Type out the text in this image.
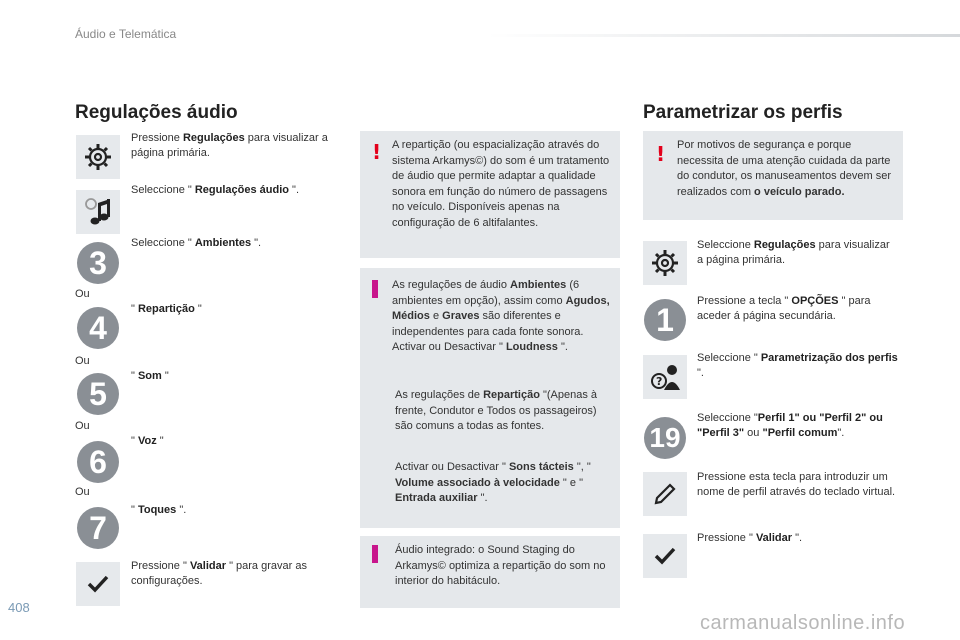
Áudio e Telemática
Regulações áudio
Pressione Regulações para visualizar a página primária.
Seleccione " Regulações áudio ".
3
Seleccione " Ambientes ".
Ou
4
" Repartição "
Ou
5	" Som "
Ou
6
" Voz "
Ou
7	" Toques ".
Pressione " Validar " para gravar as configurações.
! A repartição (ou espacialização através do sistema Arkamys©) do som é um tratamento de áudio que permite adaptar a qualidade sonora em função do número de passagens no veículo. Disponíveis apenas na configuração de 6 altifalantes.
As regulações de áudio Ambientes (6 ambientes em opção), assim como Agudos, Médios e Graves são diferentes e independentes para cada fonte sonora.
Activar ou Desactivar " Loudness ".
As regulações de Repartição "(Apenas à frente, Condutor e Todos os passageiros) são comuns a todas as fontes.
Activar ou Desactivar " Sons tácteis ", " Volume associado à velocidade " e " Entrada auxiliar ".
Áudio integrado: o Sound Staging do Arkamys© optimiza a repartição do som no interior do habitáculo.
Parametrizar os perfis
! Por motivos de segurança e porque necessita de uma atenção cuidada da parte do condutor, os manuseamentos devem ser realizados com o veículo parado.
Seleccione Regulações para visualizar a página primária.
1
Pressione a tecla " OPÇÕES " para aceder á página secundária.
?
Seleccione " Parametrização dos perfis ".
19
Seleccione "Perfil 1" ou "Perfil 2" ou "Perfil 3" ou "Perfil comum".
Pressione esta tecla para introduzir um nome de perfil através do teclado virtual.
Pressione " Validar ".
408
carmanualsonline.info
